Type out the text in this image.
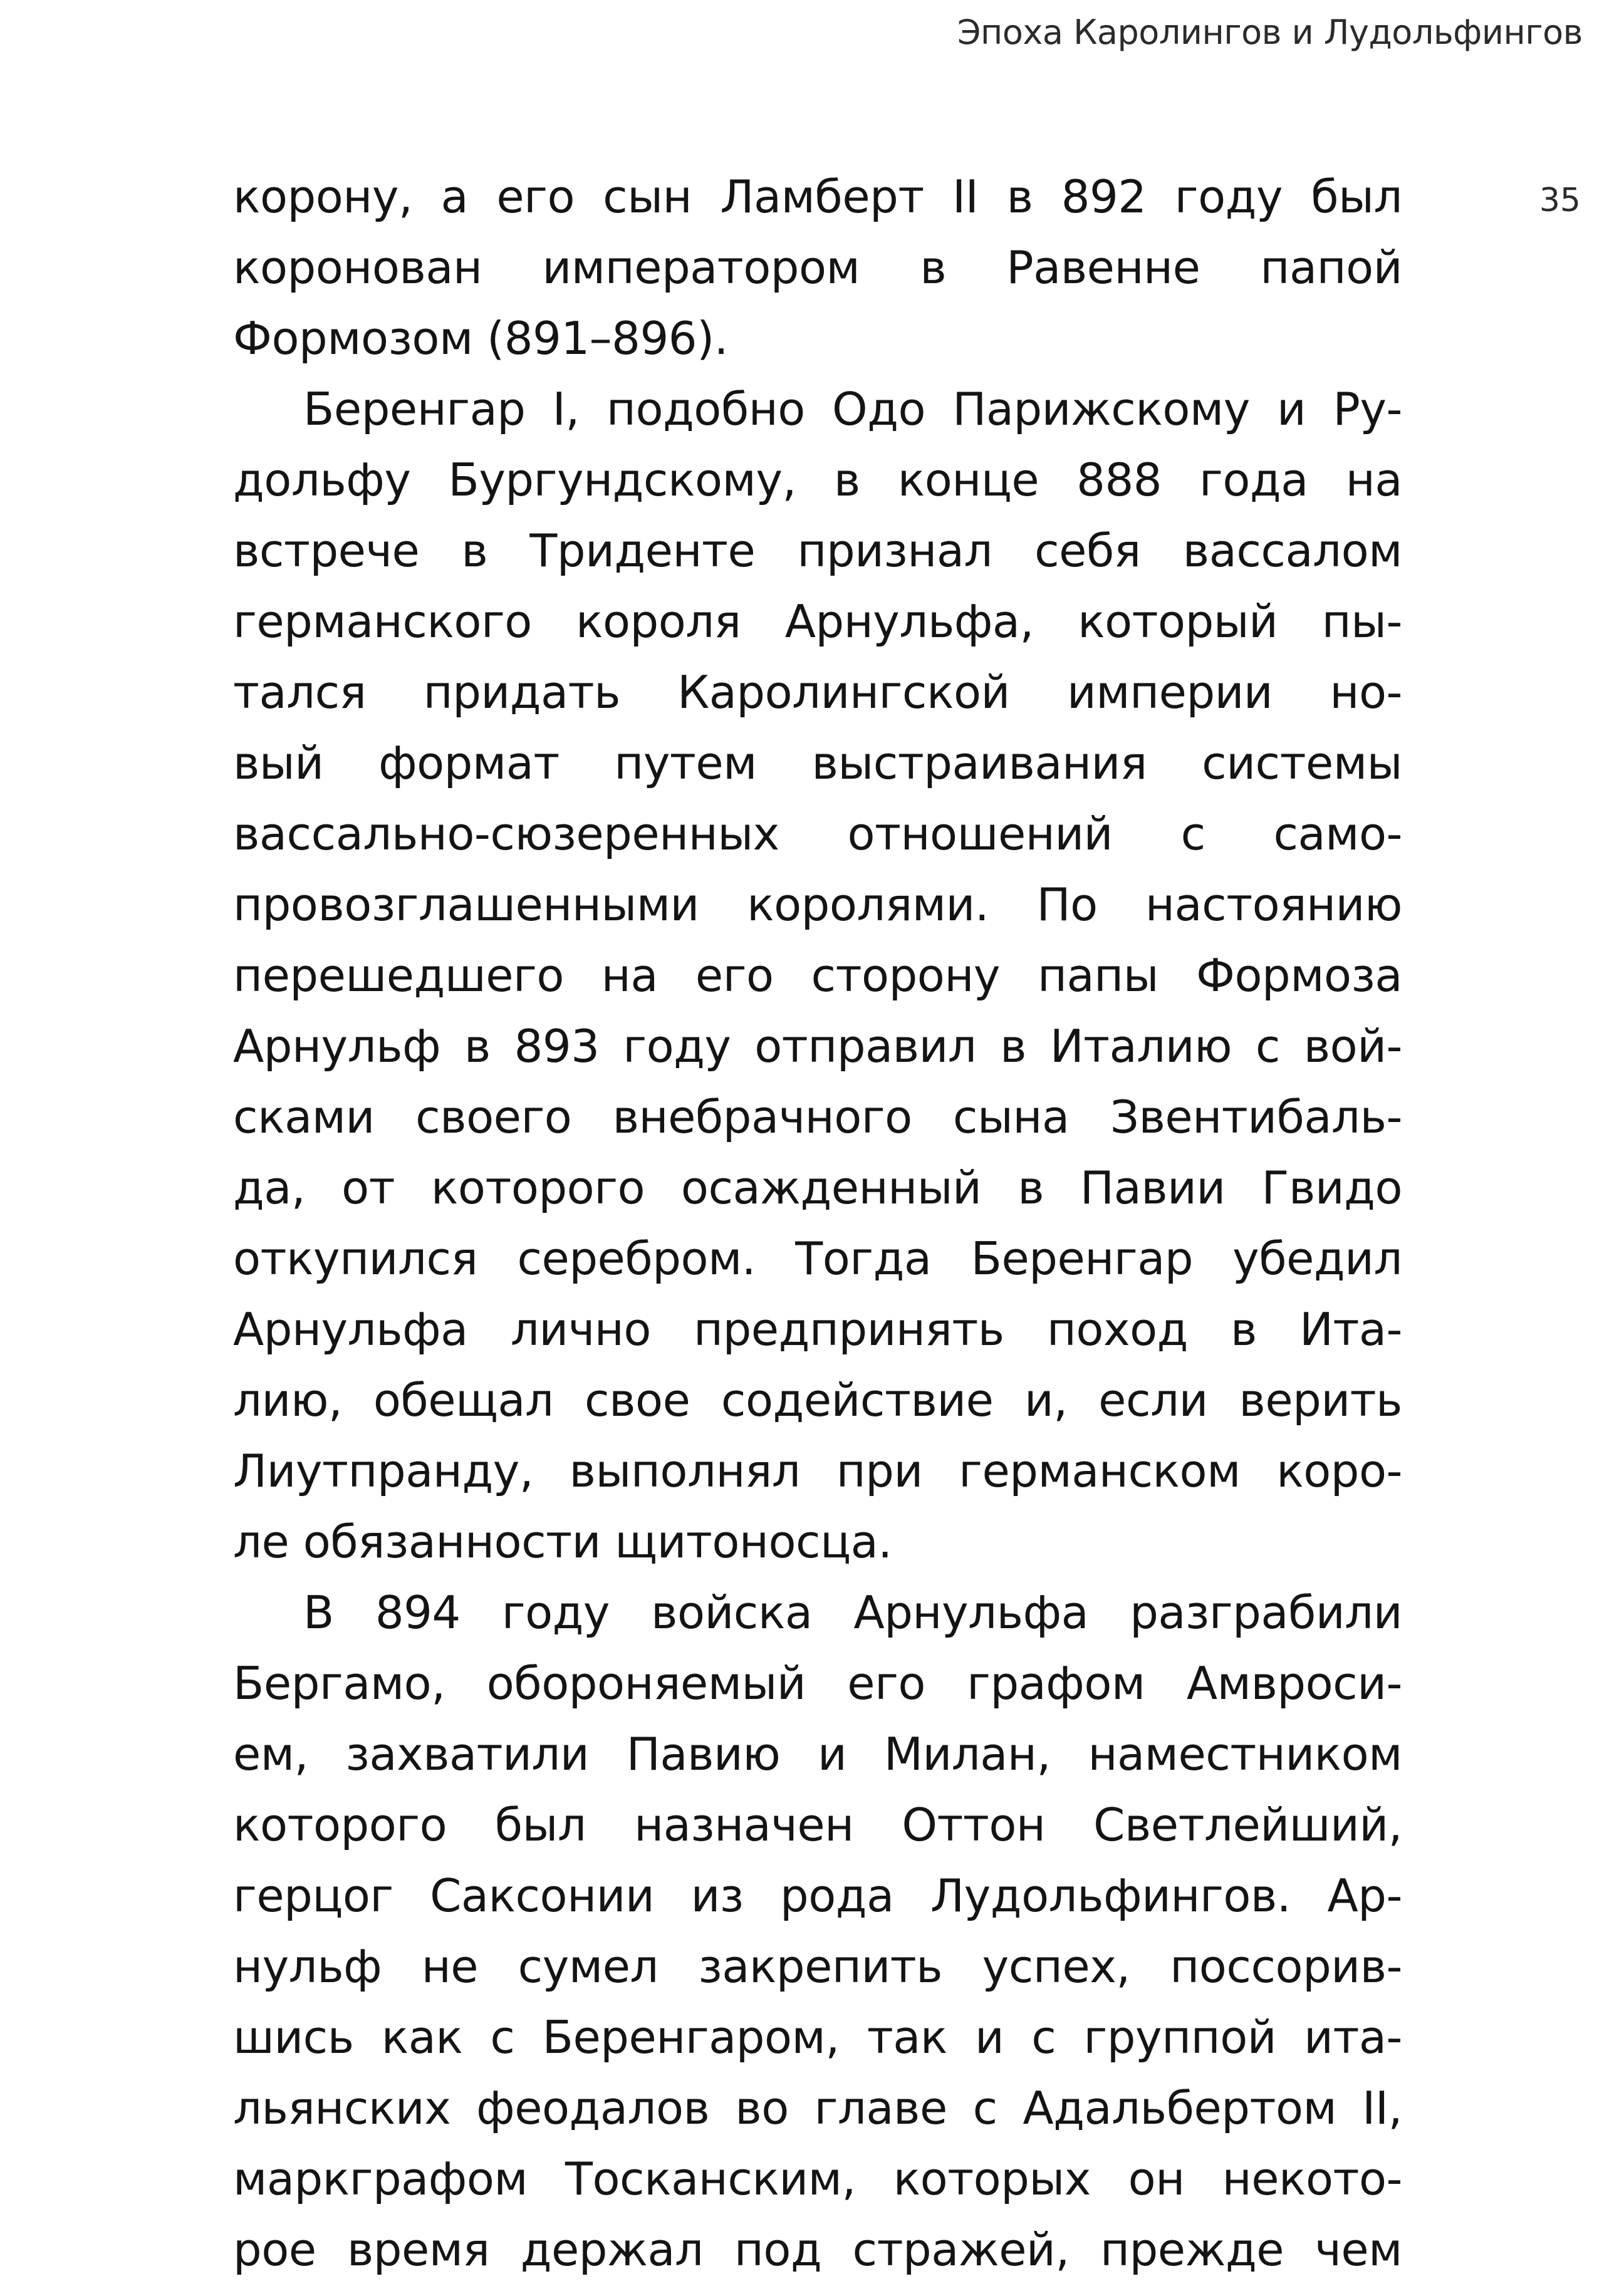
Эпоха Каролингов и Лудольфингов
35
корону, а его сын Ламберт II в 892 году был
коронован императором в Равенне папой
Формозом (891–896).
Беренгар I, подобно Одо Парижскому и Ру-
дольфу Бургундскому, в конце 888 года на
встрече в Триденте признал себя вассалом
германского короля Арнульфа, который пы-
тался придать Каролингской империи но-
вый формат путем выстраивания системы
вассально-сюзеренных отношений с само-
провозглашенными королями. По настоянию
перешедшего на его сторону папы Формоза
Арнульф в 893 году отправил в Италию с вой-
сками своего внебрачного сына Звентибаль-
да, от которого осажденный в Павии Гвидо
откупился серебром. Тогда Беренгар убедил
Арнульфа лично предпринять поход в Ита-
лию, обещал свое содействие и, если верить
Лиутпранду, выполнял при германском коро-
ле обязанности щитоносца.
В 894 году войска Арнульфа разграбили
Бергамо, обороняемый его графом Амвроси-
ем, захватили Павию и Милан, наместником
которого был назначен Оттон Светлейший,
герцог Саксонии из рода Лудольфингов. Ар-
нульф не сумел закрепить успех, поссорив-
шись как с Беренгаром, так и с группой ита-
льянских феодалов во главе с Адальбертом II,
маркграфом Тосканским, которых он некото-
рое время держал под стражей, прежде чем
